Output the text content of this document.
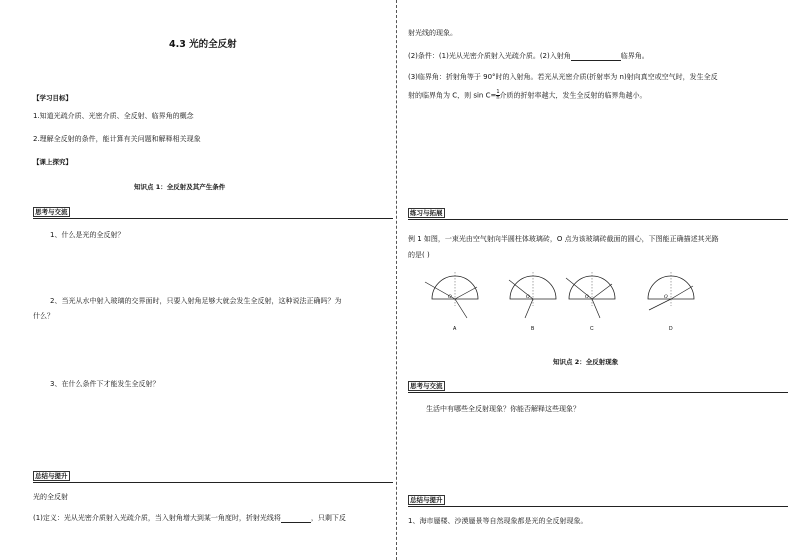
4.3 光的全反射
【学习目标】
1.知道光疏介质、光密介质、全反射、临界角的概念
2.理解全反射的条件，能计算有关问题和解释相关现象
【课上探究】
知识点 1：全反射及其产生条件
思考与交流
1、什么是光的全反射？
2、当光从水中射入玻璃的交界面时，只要入射角足够大就会发生全反射，这种说法正确吗？为
什么？
3、在什么条件下才能发生全反射？
总结与提升
光的全反射
(1)定义：光从光密介质射入光疏介质，当入射角增大到某一角度时，折射光线将	，只剩下反
射光线的现象。
(2)条件：(1)光从光密介质射入光疏介质。(2)入射角	临界角。
(3)临界角：折射角等于 90°时的入射角。若光从光密介质(折射率为 n)射向真空或空气时，发生全反
射的临界角为 C，则 $\sin C= \frac{1}{n}$ 介质的折射率越大，发生全反射的临界角越小。
练习与拓展
例 1 如图，一束光由空气射向半圆柱体玻璃砖，O 点为该玻璃砖截面的圆心，下图能正确描述其光路
的是( )
O
A
O
B
O
C
O
D
知识点 2：全反射现象
思考与交流
生活中有哪些全反射现象？你能否解释这些现象？
总结与提升
1、海市蜃楼、沙漠蜃景等自然现象都是光的全反射现象。
